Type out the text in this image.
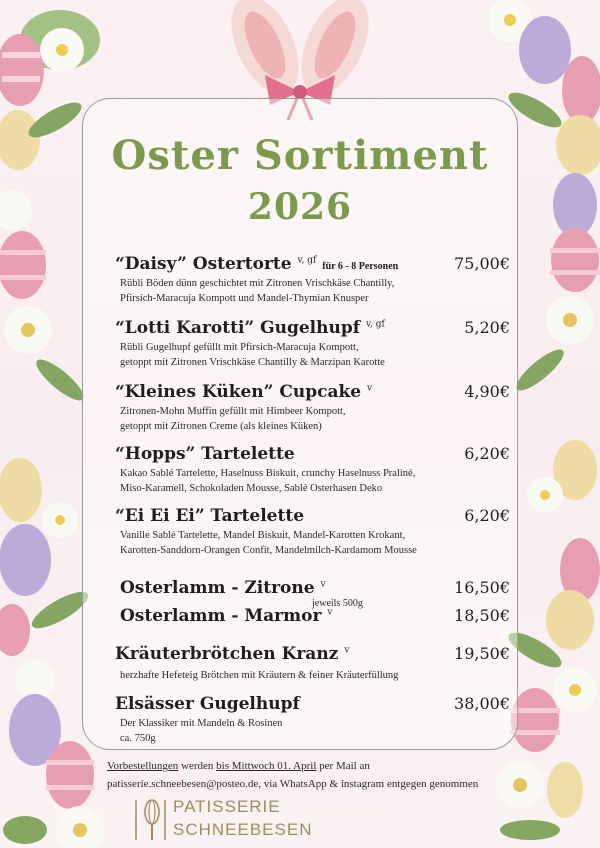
Oster Sortiment
2026
“Daisy” Ostertorte $^{v, gf}$ für 6 - 8 Personen	75,00€
Rübli Böden dünn geschichtet mit Zitronen Vrischkäse Chantilly,
Pfirsich-Maracuja Kompott und Mandel-Thymian Knusper
“Lotti Karotti” Gugelhupf $^{v, gf}$	5,20€
Rübli Gugelhupf gefüllt mit Pfirsich-Maracuja Kompott,
getoppt mit Zitronen Vrischkäse Chantilly & Marzipan Karotte
“Kleines Küken” Cupcake $^v$	4,90€
Zitronen-Mohn Muffin gefüllt mit Himbeer Kompott,
getoppt mit Zitronen Creme (als kleines Küken)
“Hopps” Tartelette	6,20€
Kakao Sablé Tartelette, Haselnuss Biskuit, crunchy Haselnuss Praliné,
Miso-Karamell, Schokoladen Mousse, Sablé Osterhasen Deko
“Ei Ei Ei” Tartelette	6,20€
Vanille Sablé Tartelette, Mandel Biskuit, Mandel-Karotten Krokant,
Karotten-Sanddorn-Orangen Confit, Mandelmilch-Kardamom Mousse
Osterlamm - Zitrone $^v$	16,50€
jeweils 500g
Osterlamm - Marmor $^v$	18,50€
Kräuterbrötchen Kranz $^v$	19,50€
herzhafte Hefeteig Brötchen mit Kräutern & feiner Kräuterfüllung
Elsässer Gugelhupf	38,00€
Der Klassiker mit Mandeln & Rosinen
ca. 750g
Vorbestellungen werden bis Mittwoch 01. April per Mail an
patisserie.schneebesen@posteo.de, via WhatsApp & instagram entgegen genommen
PATISSERIE
SCHNEEBESEN
